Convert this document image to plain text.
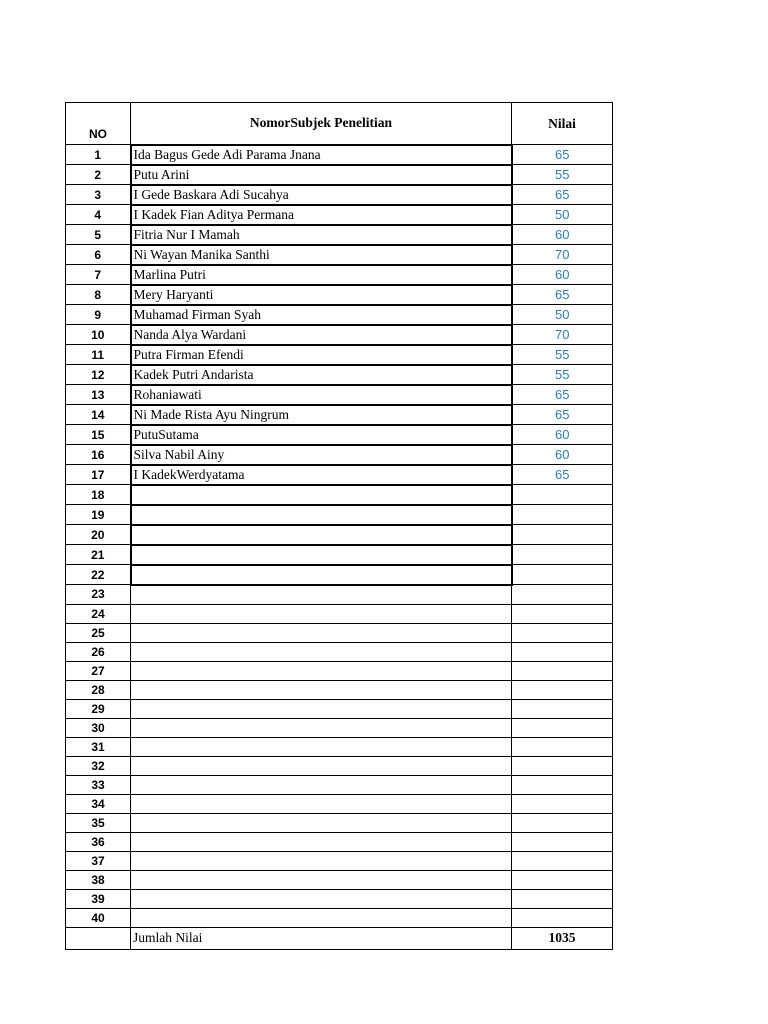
NO	NomorSubjek Penelitian	Nilai
1	Ida Bagus Gede Adi Parama Jnana	65
2	Putu Arini	55
3	I Gede Baskara Adi Sucahya	65
4	I Kadek Fian Aditya Permana	50
5	Fitria Nur I Mamah	60
6	Ni Wayan Manika Santhi	70
7	Marlina Putri	60
8	Mery Haryanti	65
9	Muhamad Firman Syah	50
10	Nanda Alya Wardani	70
11	Putra Firman Efendi	55
12	Kadek Putri Andarista	55
13	Rohaniawati	65
14	Ni Made Rista Ayu Ningrum	65
15	PutuSutama	60
16	Silva Nabil Ainy	60
17	I KadekWerdyatama	65
18		
19		
20		
21		
22		
23		
24		
25		
26		
27		
28		
29		
30		
31		
32		
33		
34		
35		
36		
37		
38		
39		
40		
	Jumlah Nilai	1035
